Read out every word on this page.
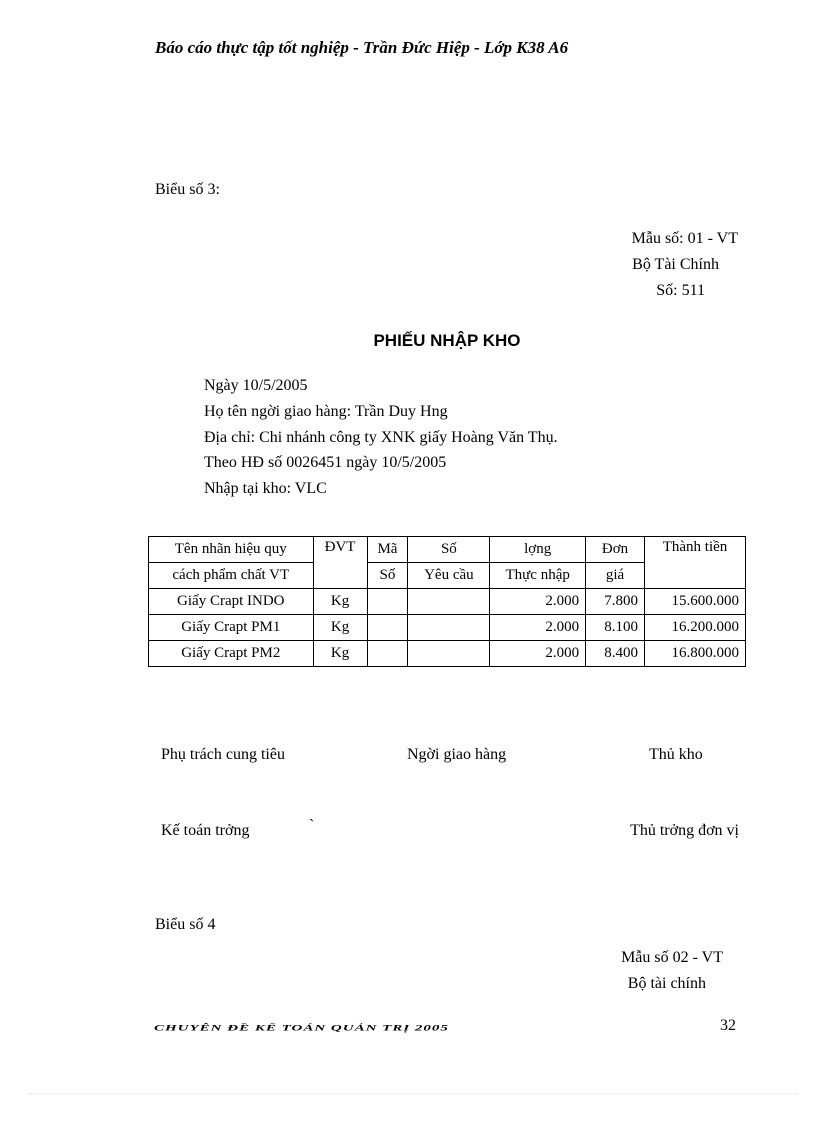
Báo cáo thực tập tốt nghiệp - Trần Đức Hiệp - Lớp K38 A6
Biểu số 3:
Mẫu số: 01 - VT
Bộ Tài Chính
Số: 511
PHIẾU NHẬP KHO
Ngày 10/5/2005
Họ tên ngời giao hàng: Trần Duy Hng
Địa chỉ: Chi nhánh công ty XNK giấy Hoàng Văn Thụ.
Theo HĐ số 0026451 ngày 10/5/2005
Nhập tại kho: VLC
Tên nhãn hiệu quy	ĐVT	Mã	Số	lợng	Đơn	Thành tiền
cách phẩm chất VT		Số	Yêu cầu	Thực nhập	giá	
Giấy Crapt INDO	Kg			2.000	7.800	15.600.000
Giấy Crapt PM1	Kg			2.000	8.100	16.200.000
Giấy Crapt PM2	Kg			2.000	8.400	16.800.000
Phụ trách cung tiêu	Ngời giao hàng	Thủ kho
Kế toán trởng	`	Thủ trởng đơn vị
Biểu số 4
Mẫu số 02 - VT
Bộ tài chính
CHUYÊN ĐỀ KẾ TOÁN QUẢN TRỊ 2005	32
